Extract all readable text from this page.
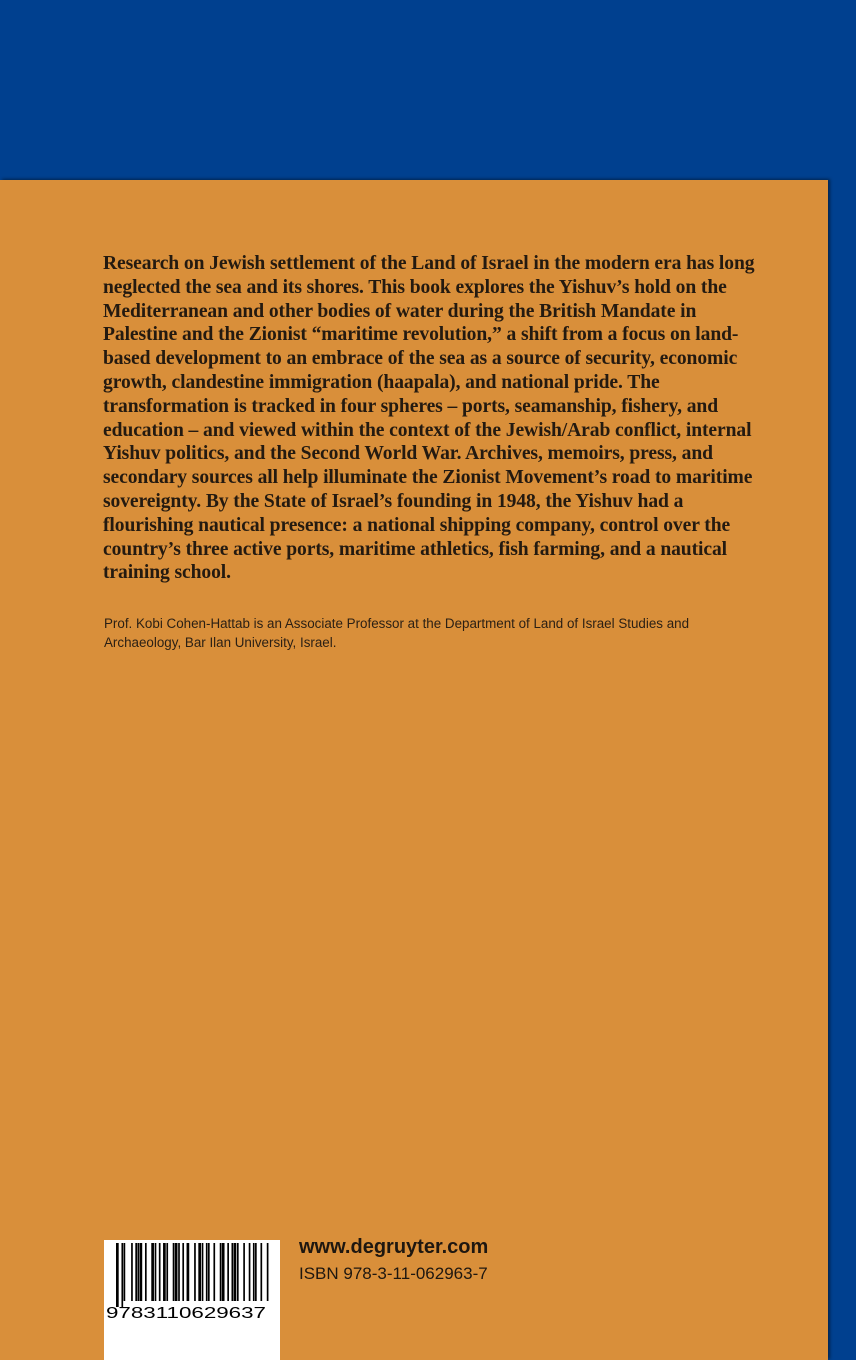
Research on Jewish settlement of the Land of Israel in the modern era has long neglected the sea and its shores. This book explores the Yishuv’s hold on the Mediterranean and other bodies of water during the British Mandate in Palestine and the Zionist “maritime revolution,” a shift from a focus on land-based development to an embrace of the sea as a source of security, economic growth, clandestine immigration (haapala), and national pride. The transformation is tracked in four spheres – ports, seamanship, fishery, and education – and viewed within the context of the Jewish/Arab conflict, internal Yishuv politics, and the Second World War. Archives, memoirs, press, and secondary sources all help illuminate the Zionist Movement’s road to maritime sovereignty. By the State of Israel’s founding in 1948, the Yishuv had a flourishing nautical presence: a national shipping company, control over the country’s three active ports, maritime athletics, fish farming, and a nautical training school.

Prof. Kobi Cohen-Hattab is an Associate Professor at the Department of Land of Israel Studies and Archaeology, Bar Ilan University, Israel.

9783110629637
www.degruyter.com
ISBN 978-3-11-062963-7
